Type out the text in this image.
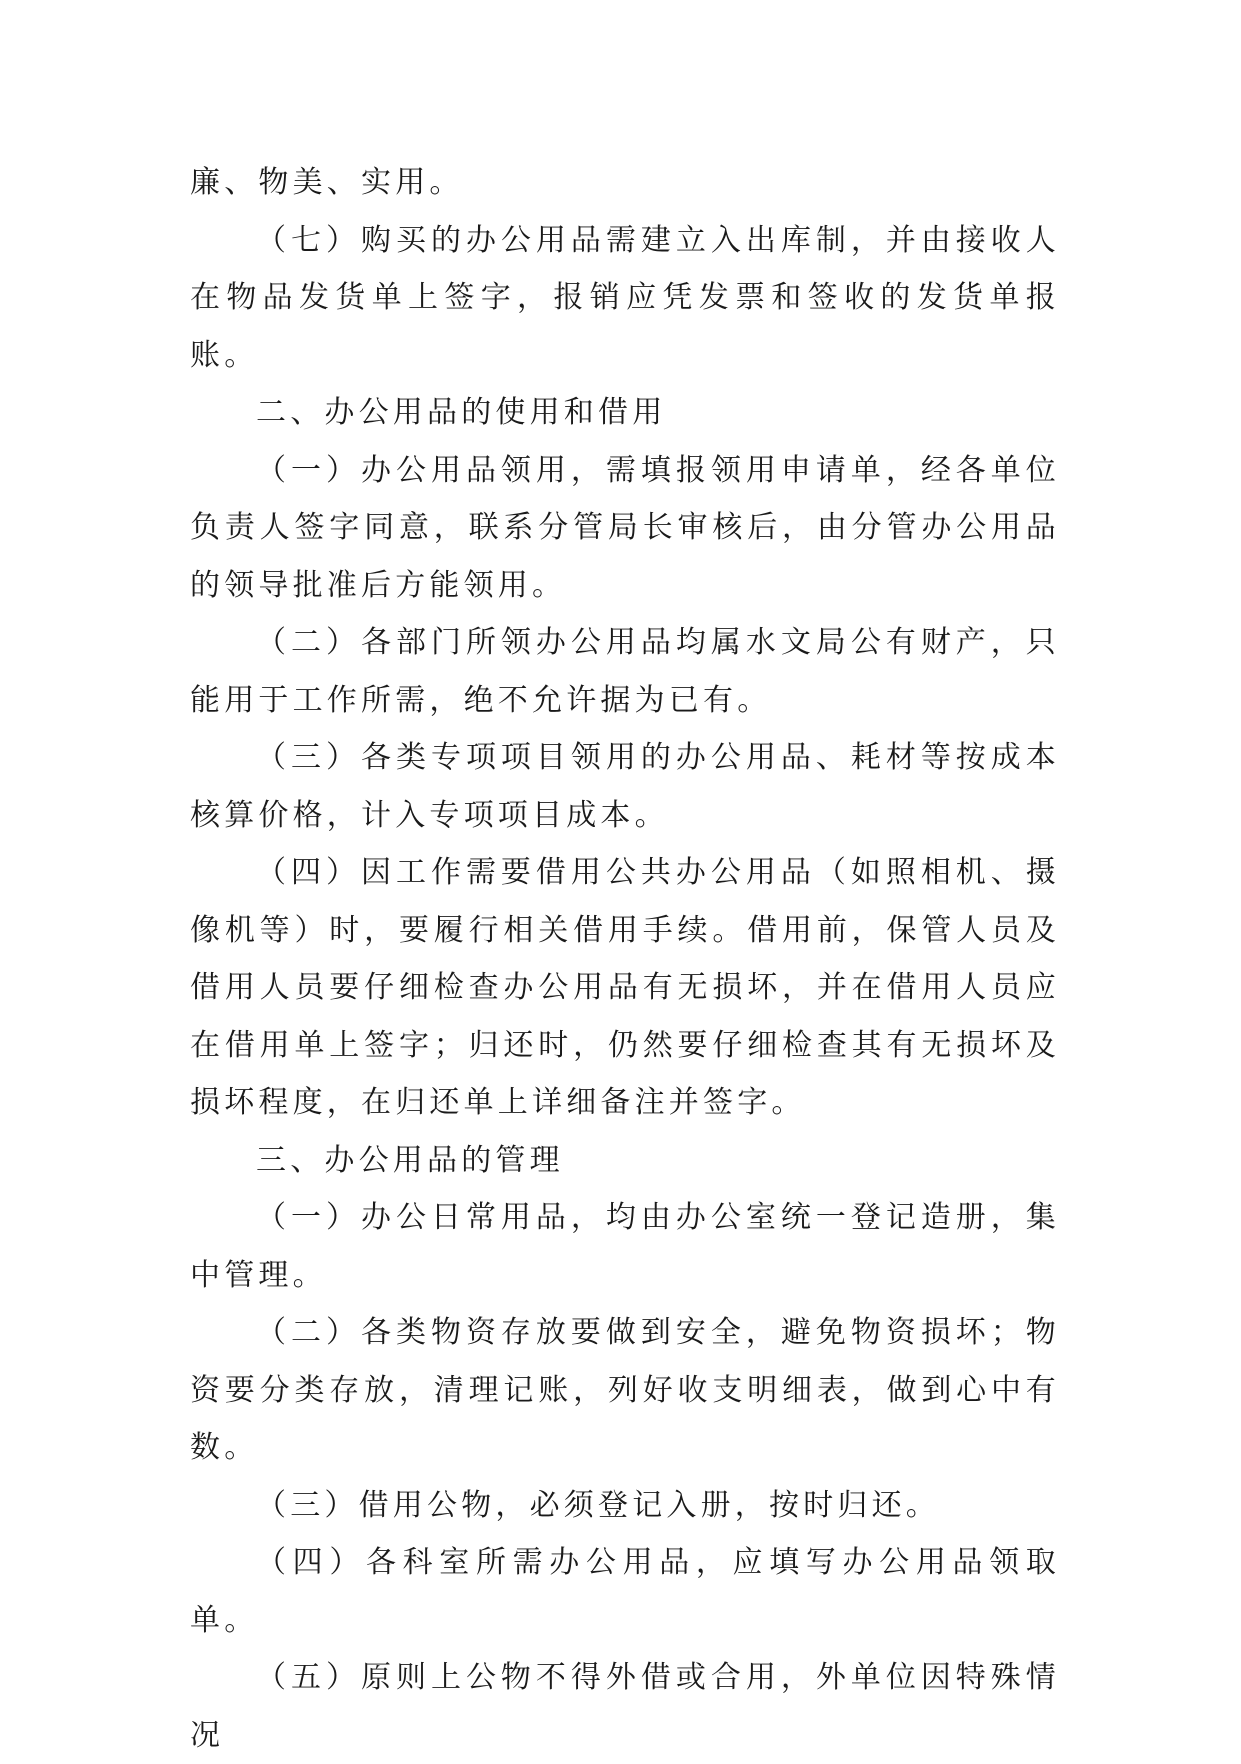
廉、物美、实用。

（七）购买的办公用品需建立入出库制，并由接收人在物品发货单上签字，报销应凭发票和签收的发货单报账。

二、办公用品的使用和借用

（一）办公用品领用，需填报领用申请单，经各单位负责人签字同意，联系分管局长审核后，由分管办公用品的领导批准后方能领用。

（二）各部门所领办公用品均属水文局公有财产，只能用于工作所需，绝不允许据为已有。

（三）各类专项项目领用的办公用品、耗材等按成本核算价格，计入专项项目成本。

（四）因工作需要借用公共办公用品（如照相机、摄像机等）时，要履行相关借用手续。借用前，保管人员及借用人员要仔细检查办公用品有无损坏，并在借用人员应在借用单上签字；归还时，仍然要仔细检查其有无损坏及损坏程度，在归还单上详细备注并签字。

三、办公用品的管理

（一）办公日常用品，均由办公室统一登记造册，集中管理。

（二）各类物资存放要做到安全，避免物资损坏；物资要分类存放，清理记账，列好收支明细表，做到心中有数。

（三）借用公物，必须登记入册，按时归还。

（四）各科室所需办公用品，应填写办公用品领取单。

（五）原则上公物不得外借或合用，外单位因特殊情况
